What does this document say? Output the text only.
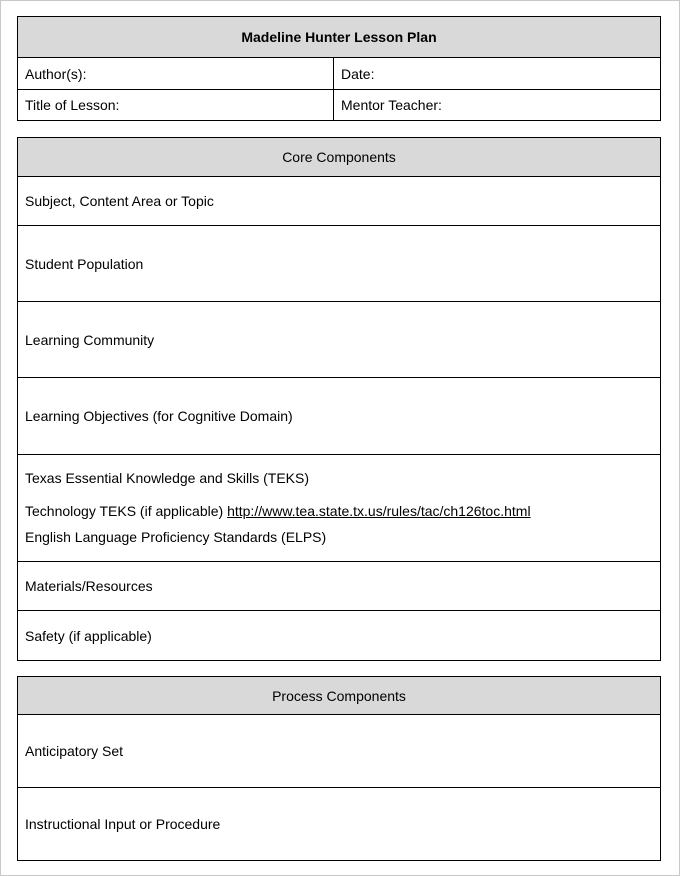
Madeline Hunter Lesson Plan
Author(s):	Date:
Title of Lesson:	Mentor Teacher:
Core Components
Subject, Content Area or Topic
Student Population
Learning Community
Learning Objectives (for Cognitive Domain)
Texas Essential Knowledge and Skills (TEKS)
Technology TEKS (if applicable) http://www.tea.state.tx.us/rules/tac/ch126toc.html
English Language Proficiency Standards (ELPS)
Materials/Resources
Safety (if applicable)
Process Components
Anticipatory Set
Instructional Input or Procedure
